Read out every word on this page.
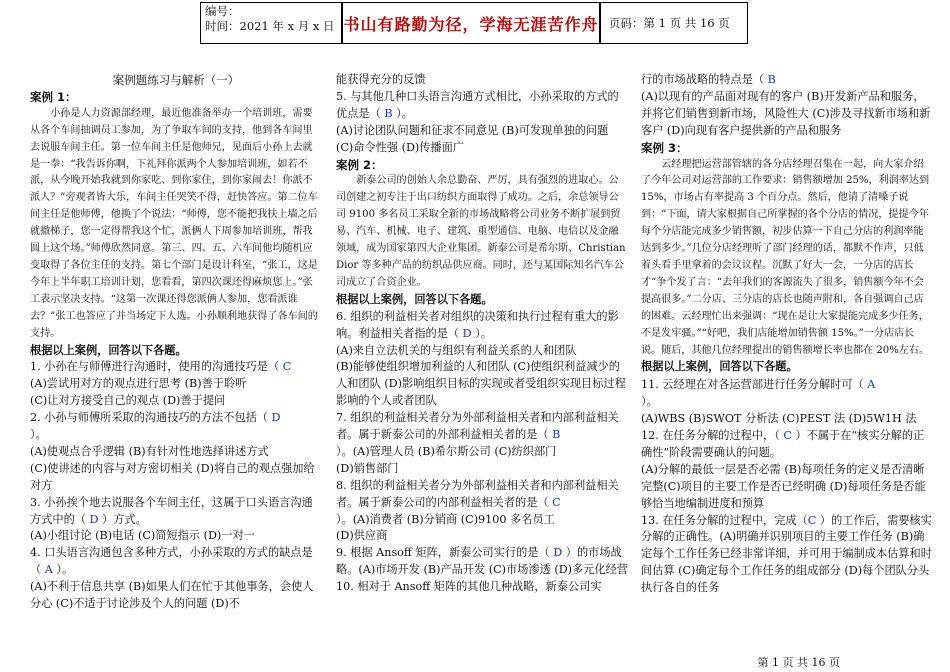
编号：
时间：2021 年 x 月 x 日 书山有路勤为径，学海无涯苦作舟 页码：第 1 页 共 16 页

案例题练习与解析（一）

案例 1：

小孙是人力资源部经理，最近他准备举办一个培训班，需要从各个车间抽调员工参加，为了争取车间的支持，他到各车间里去说服车间主任。第一位车间主任是他师兄，见面后小孙上去就是一拳：“我告诉你啊，下礼拜你派两个人参加培训班，如若不派，从今晚开始我就到你家吃、到你家住，到你家闹去！你派不派人？”旁观者皆大乐，车间主任哭笑不得，赶快答应。第二位车间主任是他师傅，他换了个说法：“师傅，您不能把我扶上墙之后就撤梯子，您一定得帮我这个忙，派俩人下周参加培训班，帮我圆上这个场。”师傅欣然同意。第三、四、五、六车间他均随机应变取得了各位主任的支持。第七个部门是设计科室，“张工，这是今年上半年职工培训计划，您看看，第四次课还得麻烦您上。”张工表示坚决支持。“这第一次课还得您派俩人参加，您看派谁去？”张工也答应了并当场定下人选。小孙顺利地获得了各车间的支持。

根据以上案例，回答以下各题。

1. 小孙在与师傅进行沟通时，使用的沟通技巧是（ C

(A)尝试用对方的观点进行思考 (B)善于聆听

(C)让对方接受自己的观点 (D)善于提问

2. 小孙与师傅所采取的沟通技巧的方法不包括（ D

）。

(A)使观点合乎逻辑 (B)有针对性地选择讲述方式

(C)使讲述的内容与对方密切相关 (D)将自己的观点强加给对方

3. 小孙挨个地去说服各个车间主任，这属于口头语言沟通方式中的（ D ）方式。

(A)小组讨论 (B)电话 (C)简短指示 (D)一对一

4. 口头语言沟通包含多种方式，小孙采取的方式的缺点是（ A ）。

(A)不利于信息共享 (B)如果人们在忙于其他事务，会使人分心 (C)不适于讨论涉及个人的问题 (D)不

能获得充分的反馈

5. 与其他几种口头语言沟通方式相比，小孙采取的方式的优点是（ B ）。

(A)讨论团队问题和征求不同意见 (B)可发现单独的问题 (C)命令性强 (D)传播面广

案例 2：

新泰公司的创始人余总勤奋、严厉，具有强烈的进取心。公司创建之初专注于出口纺织方面取得了成功。之后，余总领导公司 9100 多名员工采取全新的市场战略将公司业务不断扩展到贸易、汽车、机械、电子、建筑、重型通信、电脑、电信以及金融领域，成为国家第四大企业集团。新泰公司是希尔斯、Christian Dior 等多种产品的纺织品供应商。同时，还与某国际知名汽车公司成立了合资企业。

根据以上案例，回答以下各题。

6. 组织的利益相关者对组织的决策和执行过程有重大的影响。利益相关者指的是（ D ）。

(A)来自立法机关的与组织有利益关系的人和团队

(B)能够使组织增加利益的人和团队 (C)使组织利益减少的人和团队 (D)影响组织目标的实现或者受组织实现目标过程影响的个人或者团队

7. 组织的利益相关者分为外部利益相关者和内部利益相关者。属于新泰公司的外部利益相关者的是（ B

）。(A)管理人员 (B)希尔斯公司 (C)纺织部门

(D)销售部门

8. 组织的利益相关者分为外部利益相关者和内部利益相关者。属于新泰公司的内部利益相关者的是（ C

）。(A)消费者 (B)分销商 (C)9100 多名员工

(D)供应商

9. 根据 Ansoff 矩阵，新泰公司实行的是（ D ）的市场战略。(A)市场开发 (B)产品开发 (C)市场渗透 (D)多元化经营

10. 相对于 Ansoff 矩阵的其他几种战略，新泰公司实

行的市场战略的特点是（ B

(A)以现有的产品面对现有的客户 (B)开发新产品和服务，并将它们销售到新市场，风险性大 (C)涉及寻找新市场和新客户 (D)向现有客户提供新的产品和服务

案例 3：

云经理把运营部管辖的各分店经理召集在一起，向大家介绍了今年公司对运营部的工作要求：销售额增加 25%，利润率达到 15%，市场占有率提高 3 个百分点。然后，他请了清嗓子说到：“下面，请大家根据自己所掌握的各个分店的情况，提提今年每个分店能完成多少销售额，初步估算一下自己分店的利润率能达到多少。”几位分店经理听了部门经理的话，都默不作声，只低着头看手里拿着的会议议程。沉默了好大一会，一分店的店长才“争个发了言：“去年我们的客源流失了很多，销售额今年不会提高很多。”二分店、三分店的店长也随声附和，各自强调自己店的困难。云经理忙出来强调：“现在是让大家提能完成多少任务，不是发牢骚。”“好吧，我们店能增加销售额 15%。”一分店店长说。随后，其他几位经理提出的销售额增长率也都在 20%左右。根据以上案例，回答以下各题。

11. 云经理在对各运营部进行任务分解时可（ A

）。

(A)WBS (B)SWOT 分析法 (C)PEST 法 (D)5W1H 法

12. 在任务分解的过程中，（ C ）不属于在“核实分解的正确性”阶段需要确认的问题。

(A)分解的最低一层是否必需 (B)每项任务的定义是否清晰完整(C)项目的主要工作是否已经明确 (D)每项任务是否能够恰当地编制进度和预算

13. 在任务分解的过程中，完成（C ）的工作后，需要核实分解的正确性。(A)明确并识别项目的主要工作任务 (B)确定每个工作任务已经非常详细，并可用于编制成本估算和时间估算 (C)确定每个工作任务的组成部分 (D)每个团队分头执行各自的任务

第 1 页 共 16 页
